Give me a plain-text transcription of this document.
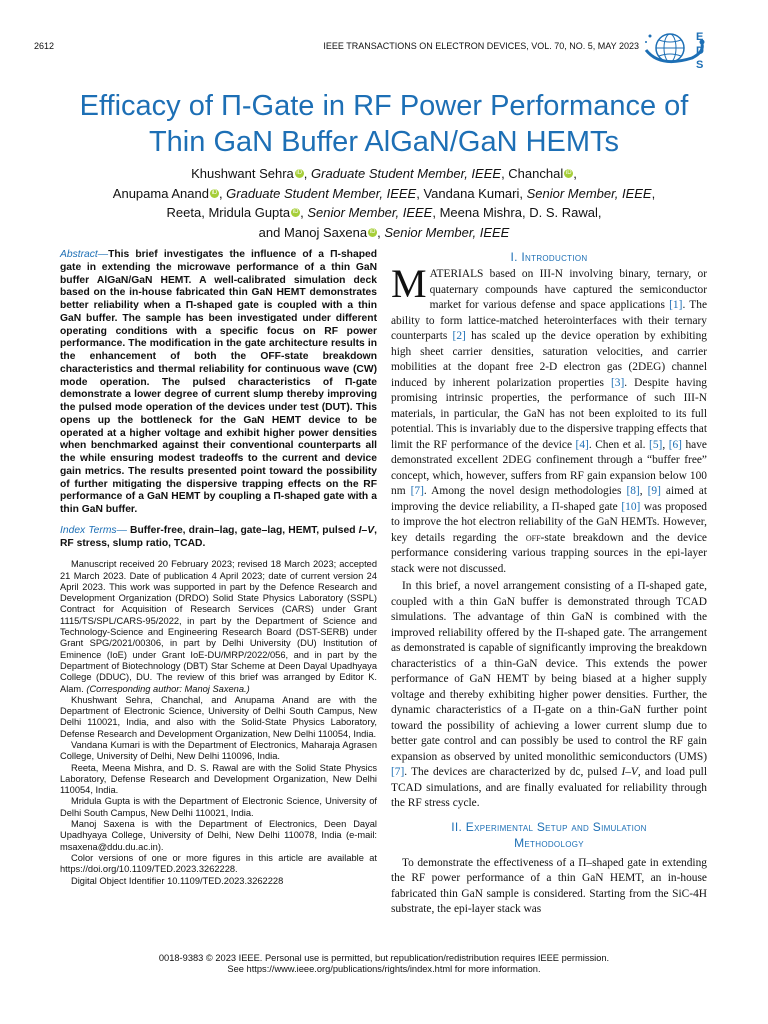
2612	IEEE TRANSACTIONS ON ELECTRON DEVICES, VOL. 70, NO. 5, MAY 2023
EDS
Efficacy of Π-Gate in RF Power Performance of
Thin GaN Buffer AlGaN/GaN HEMTs
Khushwant Sehra iD , Graduate Student Member, IEEE, Chanchal iD ,
Anupama Anand iD , Graduate Student Member, IEEE, Vandana Kumari, Senior Member, IEEE,
Reeta, Mridula Gupta iD , Senior Member, IEEE, Meena Mishra, D. S. Rawal,
and Manoj Saxena iD , Senior Member, IEEE

Abstract—This brief investigates the influence of a Π-shaped gate in extending the microwave performance of a thin GaN buffer AlGaN/GaN HEMT. A well-calibrated simulation deck based on the in-house fabricated thin GaN HEMT demonstrates better reliability when a Π-shaped gate is coupled with a thin GaN buffer. The sample has been investigated under different operating conditions with a specific focus on RF power performance. The modification in the gate architecture results in the enhancement of both the OFF-state breakdown characteristics and thermal reliability for continuous wave (CW) mode operation. The pulsed characteristics of Π-gate demonstrate a lower degree of current slump thereby improving the pulsed mode operation of the devices under test (DUT). This opens up the bottleneck for the GaN HEMT device to be operated at a higher voltage and exhibit higher power densities when benchmarked against their conventional counterparts all the while ensuring modest tradeoffs to the current and device gain metrics. The results presented point toward the possibility of further mitigating the dispersive trapping effects on the RF performance of a GaN HEMT by coupling a Π-shaped gate with a thin GaN buffer.

Index Terms— Buffer-free, drain–lag, gate–lag, HEMT, pulsed I–V, RF stress, slump ratio, TCAD.

Manuscript received 20 February 2023; revised 18 March 2023; accepted 21 March 2023. Date of publication 4 April 2023; date of current version 24 April 2023. This work was supported in part by the Defence Research and Development Organization (DRDO) Solid State Physics Laboratory (SSPL) Contract for Acquisition of Research Services (CARS) under Grant 1115/TS/SPL/CARS-95/2022, in part by the Department of Science and Technology-Science and Engineering Research Board (DST-SERB) under Grant SPG/2021/00306, in part by Delhi University (DU) Institution of Eminence (IoE) under Grant IoE-DU/MRP/2022/056, and in part by the Department of Biotechnology (DBT) Star Scheme at Deen Dayal Upadhyaya College (DDUC), DU. The review of this brief was arranged by Editor K. Alam. (Corresponding author: Manoj Saxena.)

Khushwant Sehra, Chanchal, and Anupama Anand are with the Department of Electronic Science, University of Delhi South Campus, New Delhi 110021, India, and also with the Solid-State Physics Laboratory, Defense Research and Development Organization, New Delhi 110054, India.

Vandana Kumari is with the Department of Electronics, Maharaja Agrasen College, University of Delhi, New Delhi 110096, India.

Reeta, Meena Mishra, and D. S. Rawal are with the Solid State Physics Laboratory, Defense Research and Development Organization, New Delhi 110054, India.

Mridula Gupta is with the Department of Electronic Science, University of Delhi South Campus, New Delhi 110021, India.

Manoj Saxena is with the Department of Electronics, Deen Dayal Upadhyaya College, University of Delhi, New Delhi 110078, India (e-mail: msaxena@ddu.du.ac.in).

Color versions of one or more figures in this article are available at https://doi.org/10.1109/TED.2023.3262228.

Digital Object Identifier 10.1109/TED.2023.3262228

I. Introduction

MATERIALS based on III-N involving binary, ternary, or quaternary compounds have captured the semiconductor market for various defense and space applications [1]. The ability to form lattice-matched heterointerfaces with their ternary counterparts [2] has scaled up the device operation by exhibiting high sheet carrier densities, saturation velocities, and carrier mobilities at the dopant free 2-D electron gas (2DEG) channel induced by inherent polarization properties [3]. Despite having promising intrinsic properties, the performance of such III-N materials, in particular, the GaN has not been exploited to its full potential. This is invariably due to the dispersive trapping effects that limit the RF performance of the device [4]. Chen et al. [5], [6] have demonstrated excellent 2DEG confinement through a “buffer free” concept, which, however, suffers from RF gain expansion below 100 nm [7]. Among the novel design methodologies [8], [9] aimed at improving the device reliability, a Π-shaped gate [10] was proposed to improve the hot electron reliability of the GaN HEMTs. However, key details regarding the off-state breakdown and the device performance considering various trapping sources in the epi-layer stack were not discussed.

In this brief, a novel arrangement consisting of a Π-shaped gate, coupled with a thin GaN buffer is demonstrated through TCAD simulations. The advantage of thin GaN is combined with the improved reliability offered by the Π-shaped gate. The arrangement as demonstrated is capable of significantly improving the breakdown characteristics of a thin-GaN device. This extends the power performance of GaN HEMT by being biased at a higher supply voltage and thereby exhibiting higher power densities. Further, the dynamic characteristics of a Π-gate on a thin-GaN further point toward the possibility of achieving a lower current slump due to better gate control and can possibly be used to control the RF gain expansion as observed by united monolithic semiconductors (UMS) [7]. The devices are characterized by dc, pulsed I–V, and load pull TCAD simulations, and are finally evaluated for reliability through the RF stress cycle.

II. Experimental Setup and Simulation
Methodology

To demonstrate the effectiveness of a Π–shaped gate in extending the RF power performance of a thin GaN HEMT, an in-house fabricated thin GaN sample is considered. Starting from the SiC-4H substrate, the epi-layer stack was

0018-9383 © 2023 IEEE. Personal use is permitted, but republication/redistribution requires IEEE permission.
See https://www.ieee.org/publications/rights/index.html for more information.
